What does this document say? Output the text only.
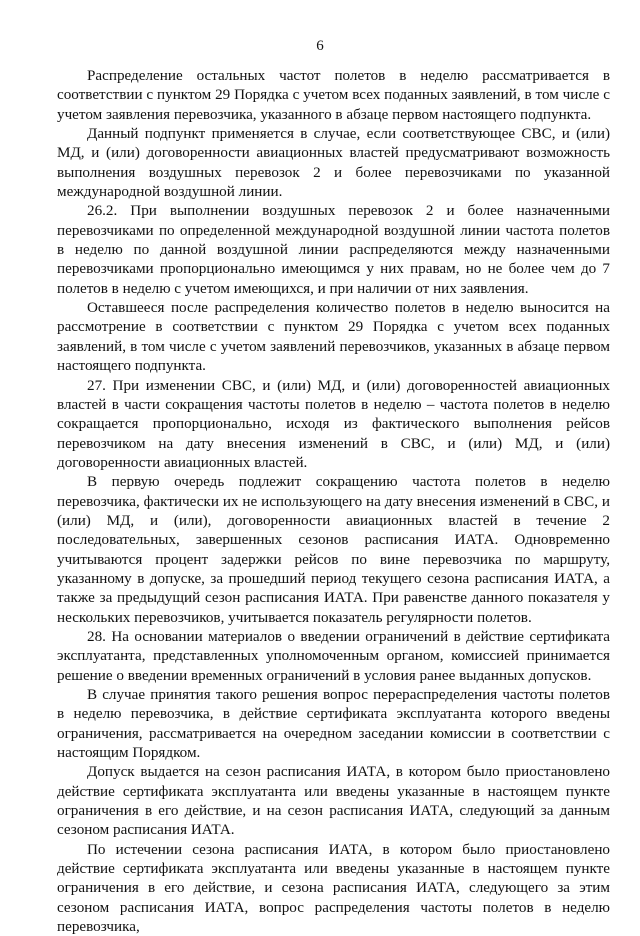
6

Распределение остальных частот полетов в неделю рассматривается в соответствии с пунктом 29 Порядка с учетом всех поданных заявлений, в том числе с учетом заявления перевозчика, указанного в абзаце первом настоящего подпункта.

Данный подпункт применяется в случае, если соответствующее СВС, и (или) МД, и (или) договоренности авиационных властей предусматривают возможность выполнения воздушных перевозок 2 и более перевозчиками по указанной международной воздушной линии.

26.2. При выполнении воздушных перевозок 2 и более назначенными перевозчиками по определенной международной воздушной линии частота полетов в неделю по данной воздушной линии распределяются между назначенными перевозчиками пропорционально имеющимся у них правам, но не более чем до 7 полетов в неделю с учетом имеющихся, и при наличии от них заявления.

Оставшееся после распределения количество полетов в неделю выносится на рассмотрение в соответствии с пунктом 29 Порядка с учетом всех поданных заявлений, в том числе с учетом заявлений перевозчиков, указанных в абзаце первом настоящего подпункта.

27. При изменении СВС, и (или) МД, и (или) договоренностей авиационных властей в части сокращения частоты полетов в неделю – частота полетов в неделю сокращается пропорционально, исходя из фактического выполнения рейсов перевозчиком на дату внесения изменений в СВС, и (или) МД, и (или) договоренности авиационных властей.

В первую очередь подлежит сокращению частота полетов в неделю перевозчика, фактически их не использующего на дату внесения изменений в СВС, и (или) МД, и (или), договоренности авиационных властей в течение 2 последовательных, завершенных сезонов расписания ИАТА. Одновременно учитываются процент задержки рейсов по вине перевозчика по маршруту, указанному в допуске, за прошедший период текущего сезона расписания ИАТА, а также за предыдущий сезон расписания ИАТА. При равенстве данного показателя у нескольких перевозчиков, учитывается показатель регулярности полетов.

28. На основании материалов о введении ограничений в действие сертификата эксплуатанта, представленных уполномоченным органом, комиссией принимается решение о введении временных ограничений в условия ранее выданных допусков.

В случае принятия такого решения вопрос перераспределения частоты полетов в неделю перевозчика, в действие сертификата эксплуатанта которого введены ограничения, рассматривается на очередном заседании комиссии в соответствии с настоящим Порядком.

Допуск выдается на сезон расписания ИАТА, в котором было приостановлено действие сертификата эксплуатанта или введены указанные в настоящем пункте ограничения в его действие, и на сезон расписания ИАТА, следующий за данным сезоном расписания ИАТА.

По истечении сезона расписания ИАТА, в котором было приостановлено действие сертификата эксплуатанта или введены указанные в настоящем пункте ограничения в его действие, и сезона расписания ИАТА, следующего за этим сезоном расписания ИАТА, вопрос распределения частоты полетов в неделю перевозчика,
